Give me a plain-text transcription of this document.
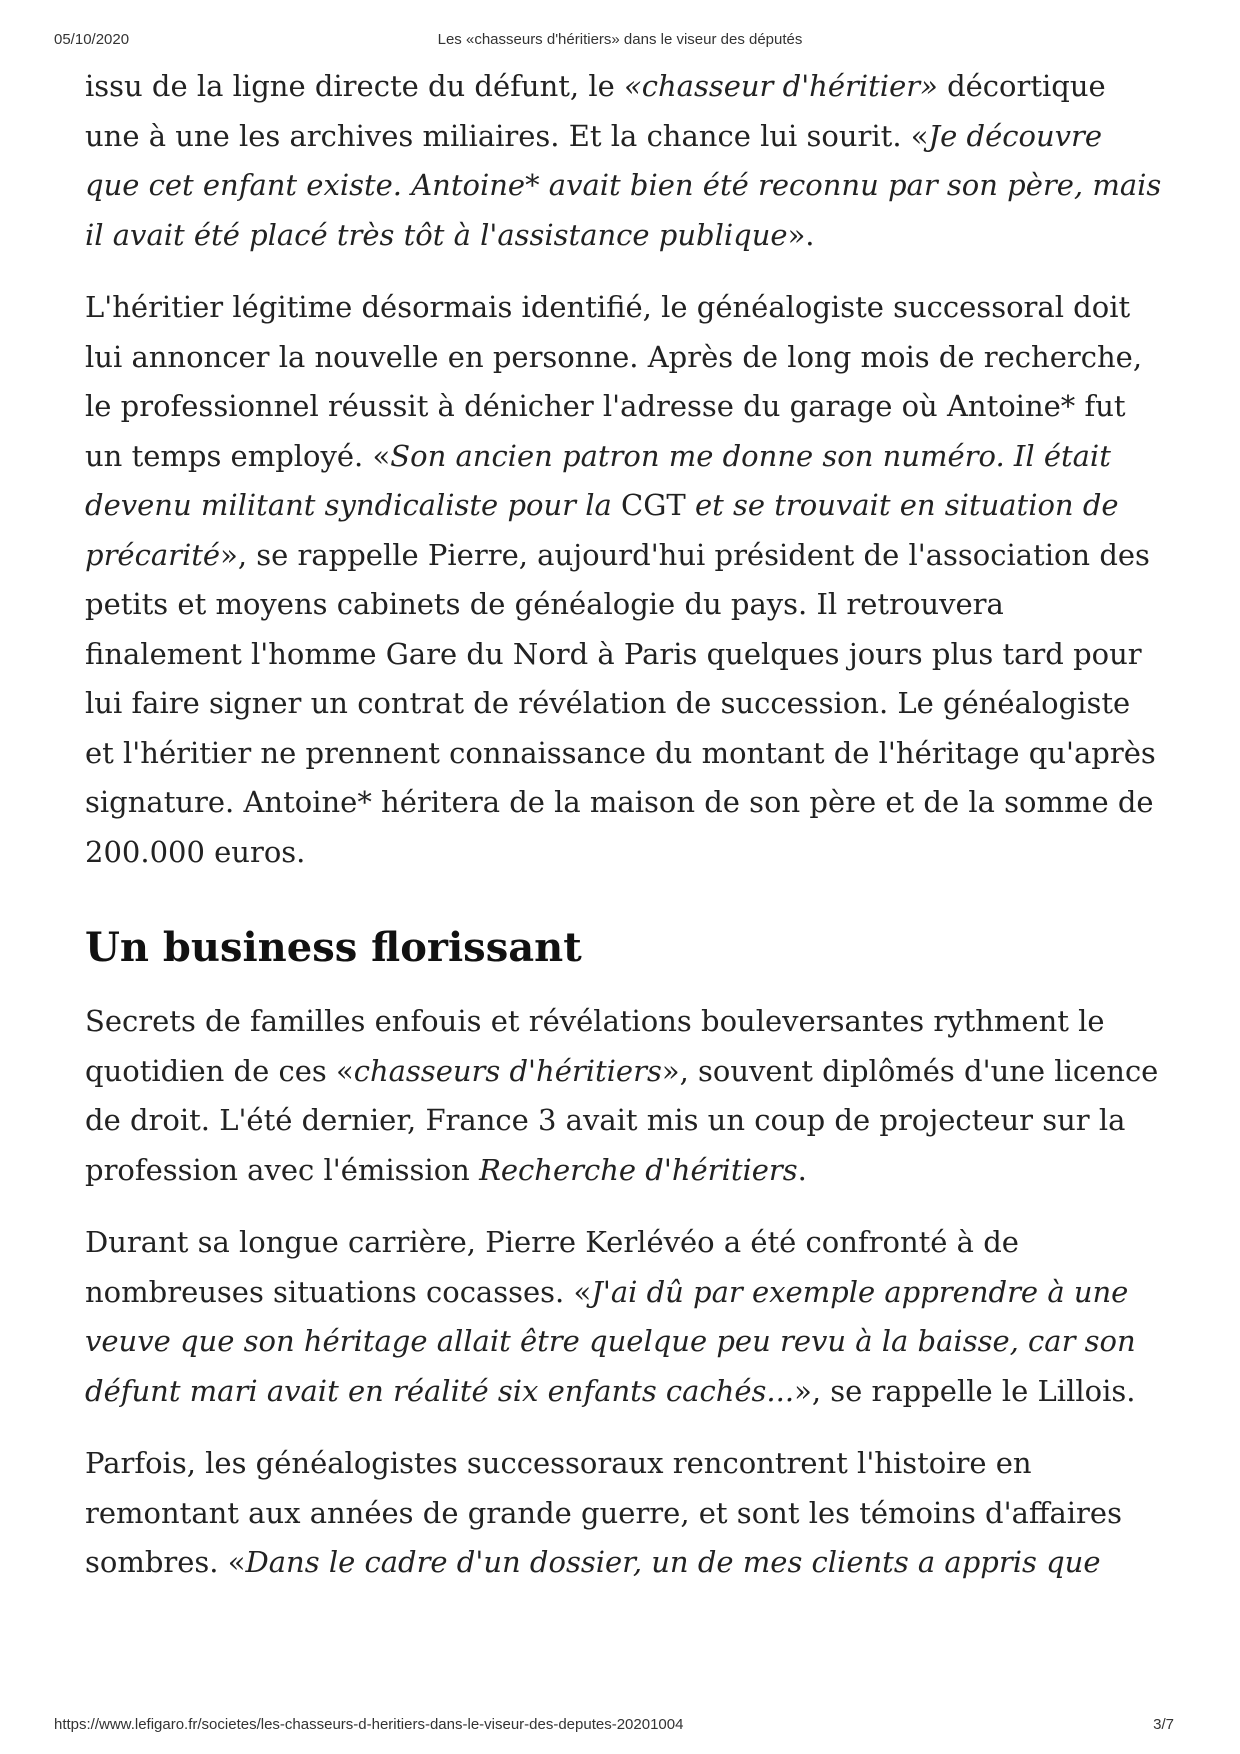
05/10/2020	Les «chasseurs d'héritiers» dans le viseur des députés

issu de la ligne directe du défunt, le «chasseur d'héritier» décortique une à une les archives miliaires. Et la chance lui sourit. «Je découvre que cet enfant existe. Antoine* avait bien été reconnu par son père, mais il avait été placé très tôt à l'assistance publique».

L'héritier légitime désormais identifié, le généalogiste successoral doit lui annoncer la nouvelle en personne. Après de long mois de recherche, le professionnel réussit à dénicher l'adresse du garage où Antoine* fut un temps employé. «Son ancien patron me donne son numéro. Il était devenu militant syndicaliste pour la CGT et se trouvait en situation de précarité», se rappelle Pierre, aujourd'hui président de l'association des petits et moyens cabinets de généalogie du pays. Il retrouvera finalement l'homme Gare du Nord à Paris quelques jours plus tard pour lui faire signer un contrat de révélation de succession. Le généalogiste et l'héritier ne prennent connaissance du montant de l'héritage qu'après signature. Antoine* héritera de la maison de son père et de la somme de 200.000 euros.

Un business florissant

Secrets de familles enfouis et révélations bouleversantes rythment le quotidien de ces «chasseurs d'héritiers», souvent diplômés d'une licence de droit. L'été dernier, France 3 avait mis un coup de projecteur sur la profession avec l'émission Recherche d'héritiers.

Durant sa longue carrière, Pierre Kerlévéo a été confronté à de nombreuses situations cocasses. «J'ai dû par exemple apprendre à une veuve que son héritage allait être quelque peu revu à la baisse, car son défunt mari avait en réalité six enfants cachés...», se rappelle le Lillois.

Parfois, les généalogistes successoraux rencontrent l'histoire en remontant aux années de grande guerre, et sont les témoins d'affaires sombres. «Dans le cadre d'un dossier, un de mes clients a appris que

https://www.lefigaro.fr/societes/les-chasseurs-d-heritiers-dans-le-viseur-des-deputes-20201004	3/7
